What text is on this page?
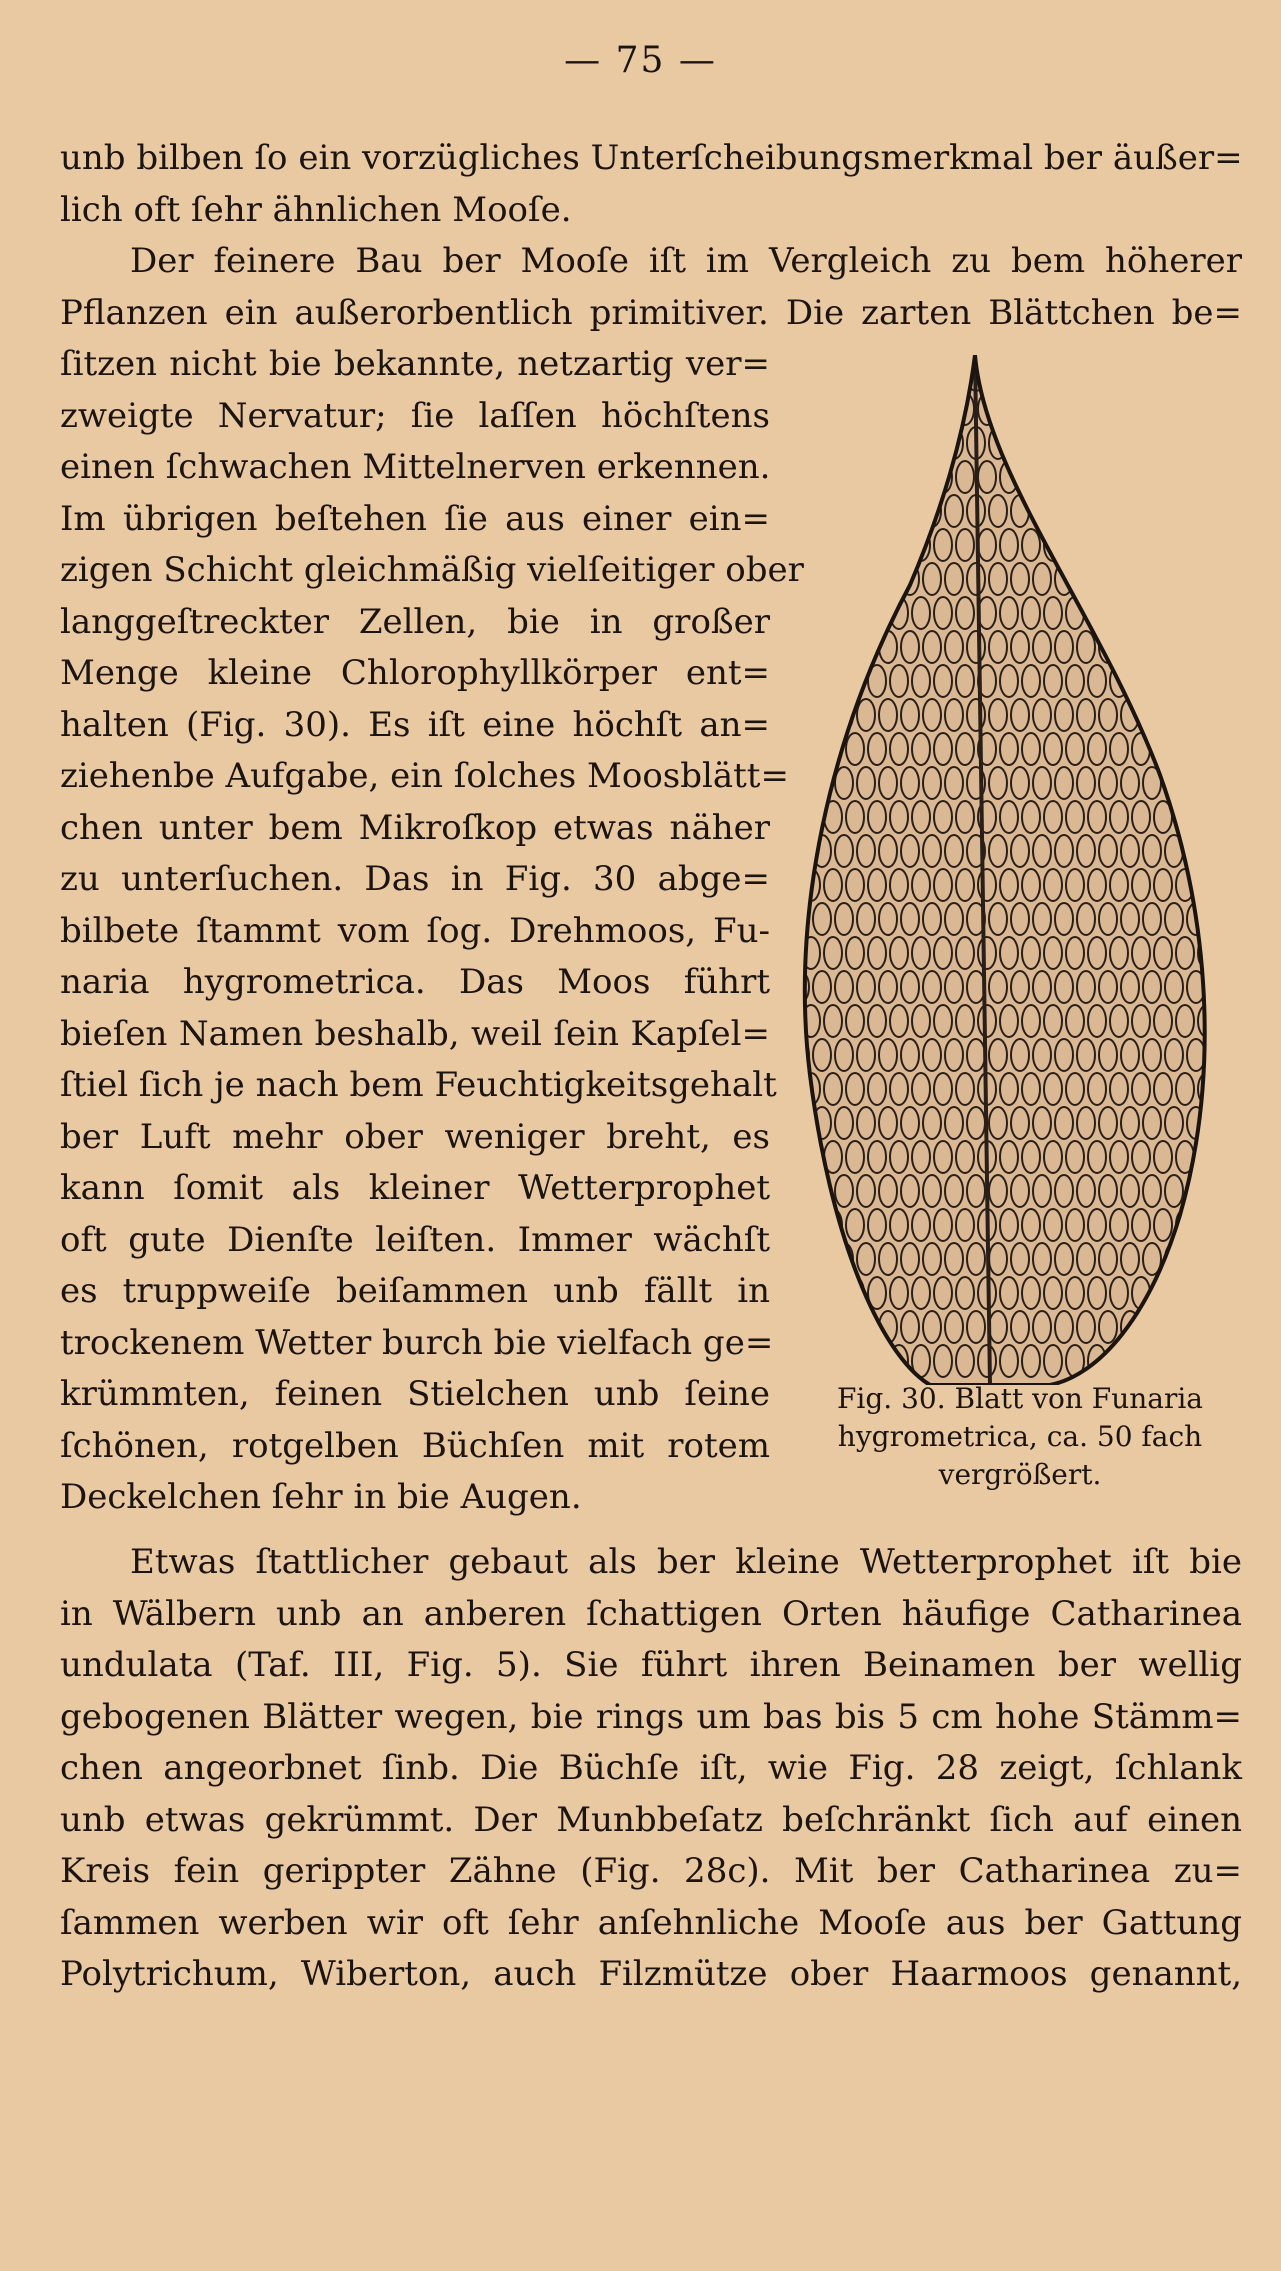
— 75 —
unb bilben ſo ein vorzügliches Unterſcheibungsmerkmal ber äußer=
lich oft ſehr ähnlichen Mooſe.
Der feinere Bau ber Mooſe iſt im Vergleich zu bem höherer
Pflanzen ein außerorbentlich primitiver. Die zarten Blättchen be=
ſitzen nicht bie bekannte, netzartig ver=
zweigte Nervatur; ſie laſſen höchſtens
einen ſchwachen Mittelnerven erkennen.
Im übrigen beſtehen ſie aus einer ein=
zigen Schicht gleichmäßig vielſeitiger ober
langgeſtreckter Zellen, bie in großer
Menge kleine Chlorophyllkörper ent=
halten (Fig. 30). Es iſt eine höchſt an=
ziehenbe Aufgabe, ein ſolches Moosblätt=
chen unter bem Mikroſkop etwas näher
zu unterſuchen. Das in Fig. 30 abge=
bilbete ſtammt vom ſog. Drehmoos, Fu-
naria hygrometrica. Das Moos führt
bieſen Namen beshalb, weil ſein Kapſel=
ſtiel ſich je nach bem Feuchtigkeitsgehalt
ber Luft mehr ober weniger breht, es
kann ſomit als kleiner Wetterprophet
oft gute Dienſte leiſten. Immer wächſt
es truppweiſe beiſammen unb fällt in
trockenem Wetter burch bie vielfach ge=
krümmten, feinen Stielchen unb ſeine
ſchönen, rotgelben Büchſen mit rotem
Deckelchen ſehr in bie Augen.
Etwas ſtattlicher gebaut als ber kleine Wetterprophet iſt bie
in Wälbern unb an anberen ſchattigen Orten häufige Catharinea
undulata (Taf. III, Fig. 5). Sie führt ihren Beinamen ber wellig
gebogenen Blätter wegen, bie rings um bas bis 5 cm hohe Stämm=
chen angeorbnet ſinb. Die Büchſe iſt, wie Fig. 28 zeigt, ſchlank
unb etwas gekrümmt. Der Munbbeſatz beſchränkt ſich auf einen
Kreis fein gerippter Zähne (Fig. 28c). Mit ber Catharinea zu=
ſammen werben wir oft ſehr anſehnliche Mooſe aus ber Gattung
Polytrichum, Wiberton, auch Filzmütze ober Haarmoos genannt,
Fig. 30. Blatt von Funaria
hygrometrica, ca. 50 fach
vergrößert.
